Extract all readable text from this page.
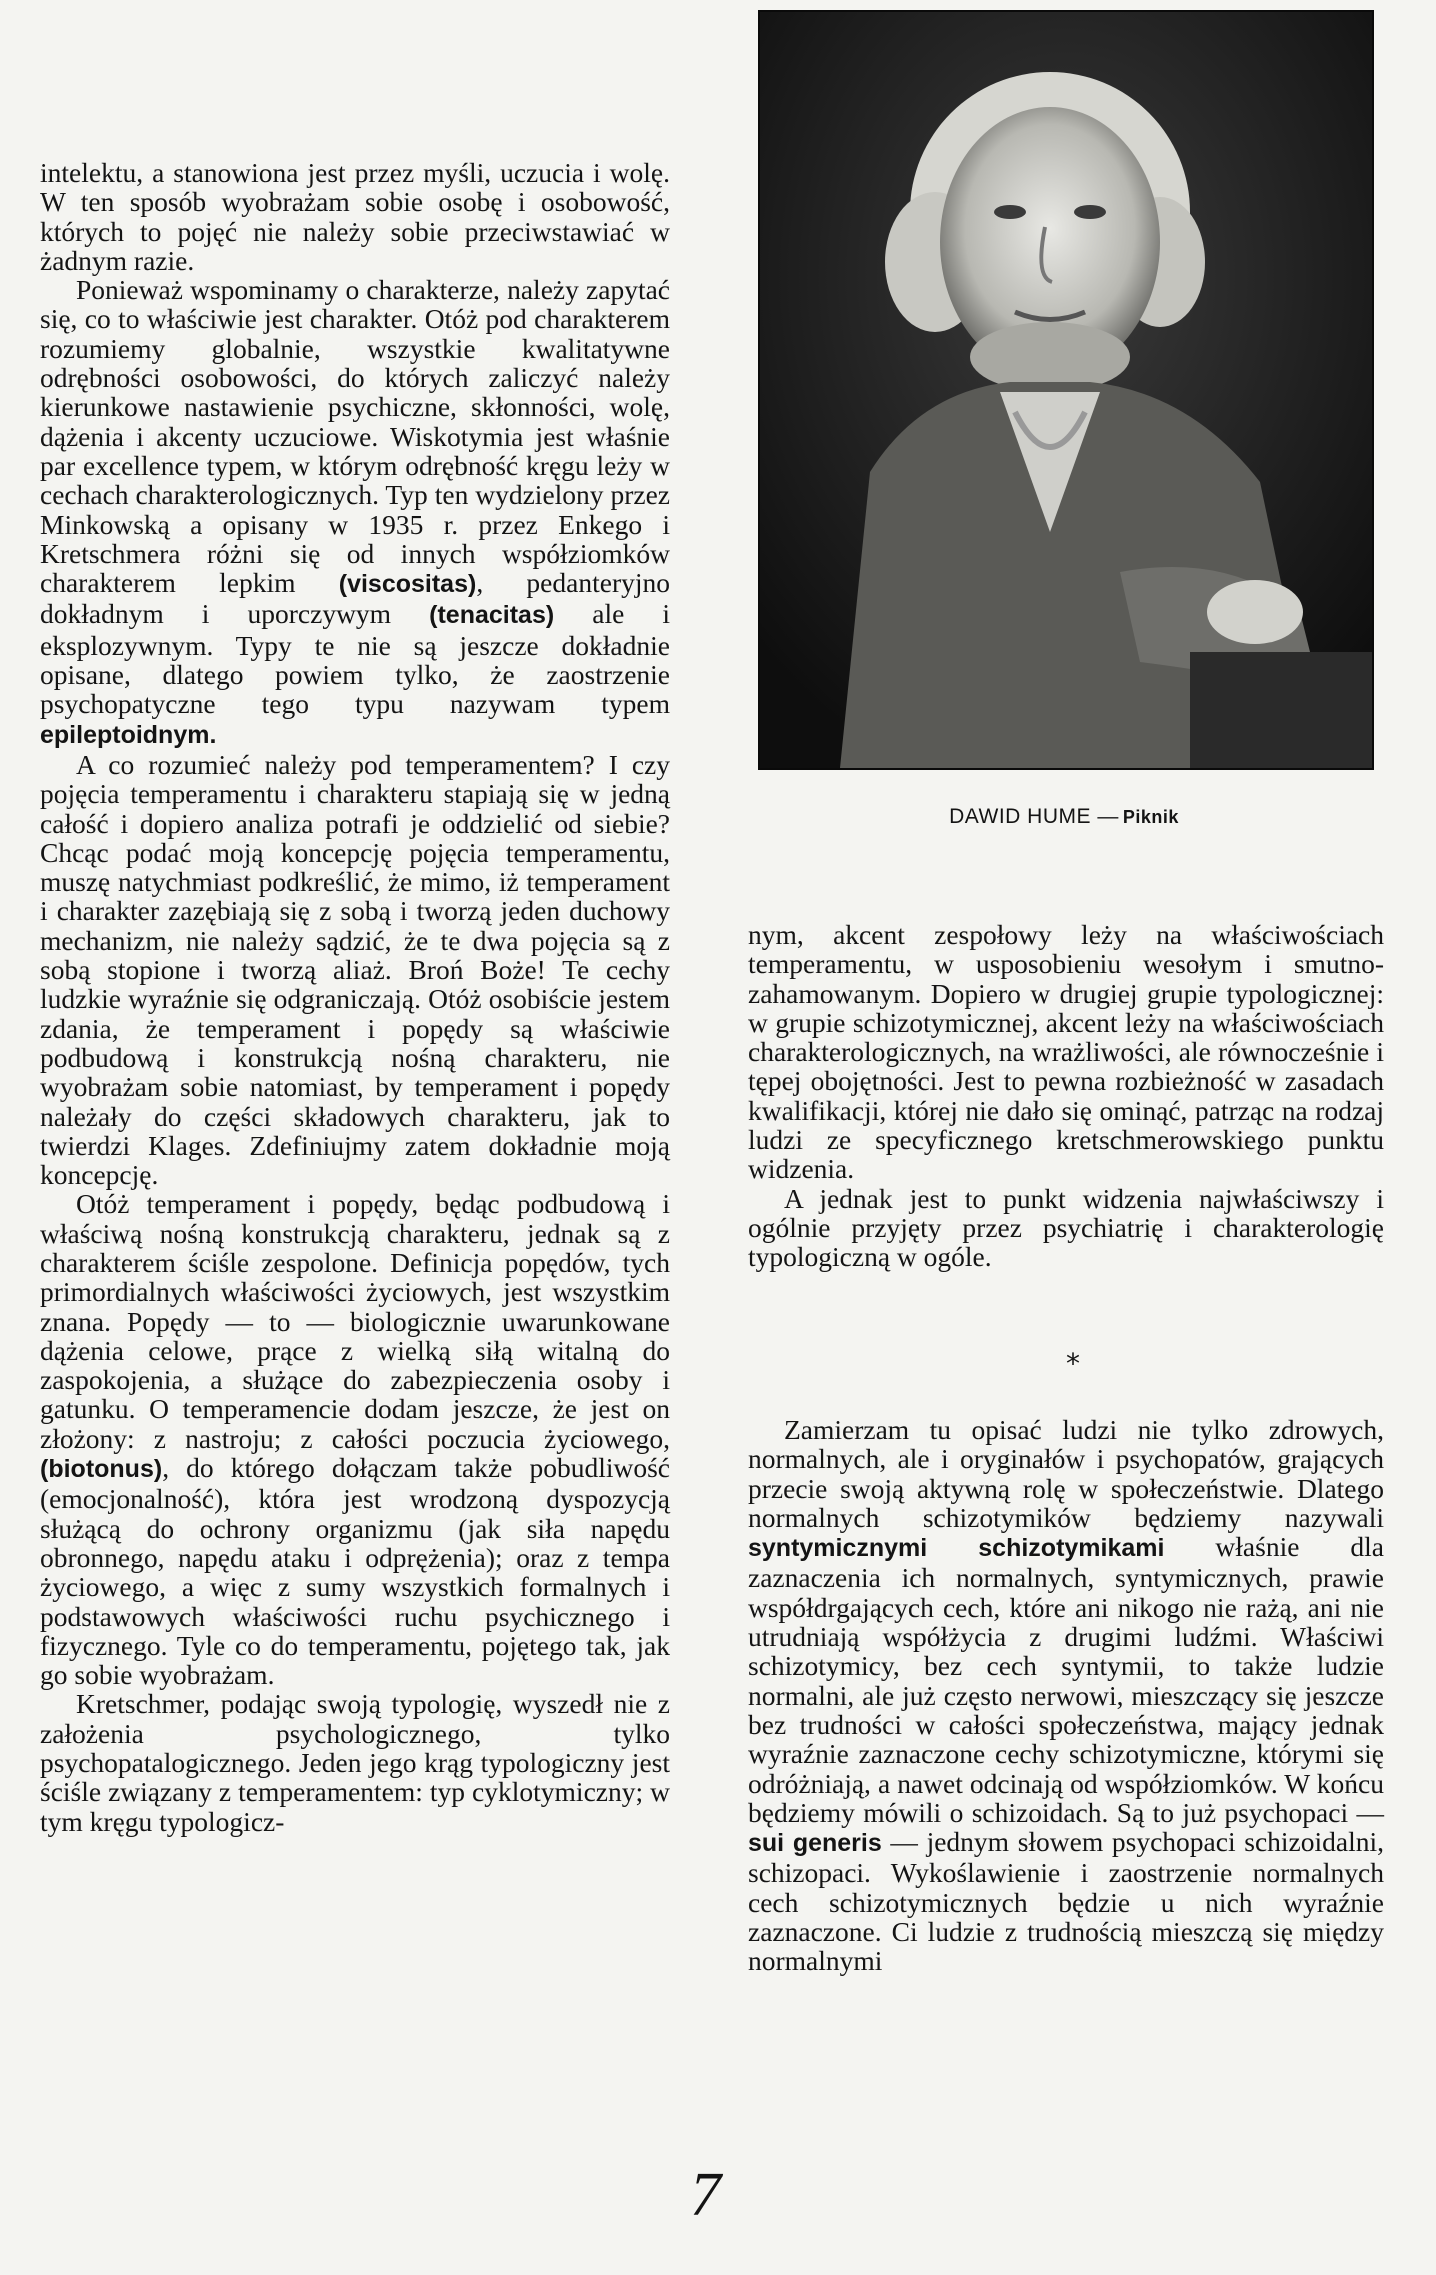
intelektu, a stanowiona jest przez myśli, uczucia i wolę. W ten sposób wyobrażam sobie osobę i osobowość, których to pojęć nie należy sobie przeciwstawiać w żadnym razie.

Ponieważ wspominamy o charakterze, należy zapytać się, co to właściwie jest charakter. Otóż pod charakterem rozumiemy globalnie, wszystkie kwalitatywne odrębności osobowości, do których zaliczyć należy kierunkowe nastawienie psychiczne, skłonności, wolę, dążenia i akcenty uczuciowe. Wiskotymia jest właśnie par excellence typem, w którym odrębność kręgu leży w cechach charakterologicznych. Typ ten wydzielony przez Minkowską a opisany w 1935 r. przez Enkego i Kretschmera różni się od innych współziomków charakterem lepkim (viscositas), pedanteryjno dokładnym i uporczywym (tenacitas) ale i eksplozywnym. Typy te nie są jeszcze dokładnie opisane, dlatego powiem tylko, że zaostrzenie psychopatyczne tego typu nazywam typem epileptoidnym.

A co rozumieć należy pod temperamentem? I czy pojęcia temperamentu i charakteru stapiają się w jedną całość i dopiero analiza potrafi je oddzielić od siebie? Chcąc podać moją koncepcję pojęcia temperamentu, muszę natychmiast podkreślić, że mimo, iż temperament i charakter zazębiają się z sobą i tworzą jeden duchowy mechanizm, nie należy sądzić, że te dwa pojęcia są z sobą stopione i tworzą aliaż. Broń Boże! Te cechy ludzkie wyraźnie się odgraniczają. Otóż osobiście jestem zdania, że temperament i popędy są właściwie podbudową i konstrukcją nośną charakteru, nie wyobrażam sobie natomiast, by temperament i popędy należały do części składowych charakteru, jak to twierdzi Klages. Zdefiniujmy zatem dokładnie moją koncepcję.

Otóż temperament i popędy, będąc podbudową i właściwą nośną konstrukcją charakteru, jednak są z charakterem ściśle zespolone. Definicja popędów, tych primordialnych właściwości życiowych, jest wszystkim znana. Popędy — to — biologicznie uwarunkowane dążenia celowe, prące z wielką siłą witalną do zaspokojenia, a służące do zabezpieczenia osoby i gatunku. O temperamencie dodam jeszcze, że jest on złożony: z nastroju; z całości poczucia życiowego, (biotonus), do którego dołączam także pobudliwość (emocjonalność), która jest wrodzoną dyspozycją służącą do ochrony organizmu (jak siła napędu obronnego, napędu ataku i odprężenia); oraz z tempa życiowego, a więc z sumy wszystkich formalnych i podstawowych właściwości ruchu psychicznego i fizycznego. Tyle co do temperamentu, pojętego tak, jak go sobie wyobrażam.

Kretschmer, podając swoją typologię, wyszedł nie z założenia psychologicznego, tylko psychopatalogicznego. Jeden jego krąg typologiczny jest ściśle związany z temperamentem: typ cyklotymiczny; w tym kręgu typologicz-

DAWID HUME — Piknik

nym, akcent zespołowy leży na właściwościach temperamentu, w usposobieniu wesołym i smutno-zahamowanym. Dopiero w drugiej grupie typologicznej: w grupie schizotymicznej, akcent leży na właściwościach charakterologicznych, na wrażliwości, ale równocześnie i tępej obojętności. Jest to pewna rozbieżność w zasadach kwalifikacji, której nie dało się ominąć, patrząc na rodzaj ludzi ze specyficznego kretschmerowskiego punktu widzenia.

A jednak jest to punkt widzenia najwłaściwszy i ogólnie przyjęty przez psychiatrię i charakterologię typologiczną w ogóle.

*

Zamierzam tu opisać ludzi nie tylko zdrowych, normalnych, ale i oryginałów i psychopatów, grających przecie swoją aktywną rolę w społeczeństwie. Dlatego normalnych schizotymików będziemy nazywali syntymicznymi schizotymikami właśnie dla zaznaczenia ich normalnych, syntymicznych, prawie współdrgających cech, które ani nikogo nie rażą, ani nie utrudniają współżycia z drugimi ludźmi. Właściwi schizotymicy, bez cech syntymii, to także ludzie normalni, ale już często nerwowi, mieszczący się jeszcze bez trudności w całości społeczeństwa, mający jednak wyraźnie zaznaczone cechy schizotymiczne, którymi się odróżniają, a nawet odcinają od współziomków. W końcu będziemy mówili o schizoidach. Są to już psychopaci — sui generis — jednym słowem psychopaci schizoidalni, schizopaci. Wykoślawienie i zaostrzenie normalnych cech schizotymicznych będzie u nich wyraźnie zaznaczone. Ci ludzie z trudnością mieszczą się między normalnymi

7
